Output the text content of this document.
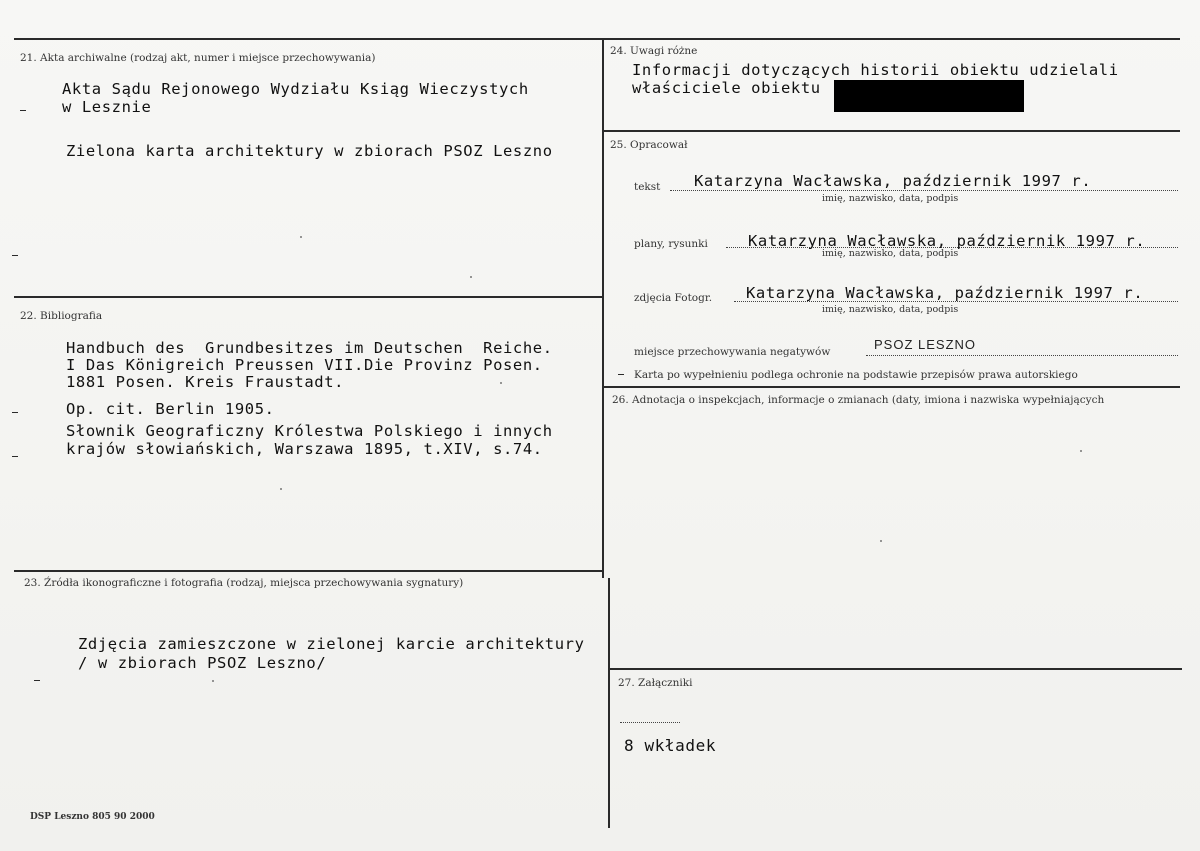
21. Akta archiwalne (rodzaj akt, numer i miejsce przechowywania)
Akta Sądu Rejonowego Wydziału Ksiąg Wieczystych
w Lesznie
Zielona karta architektury w zbiorach PSOZ Leszno
22. Bibliografia
Handbuch des  Grundbesitzes im Deutschen  Reiche.
I Das Königreich Preussen VII.Die Provinz Posen.
1881 Posen. Kreis Fraustadt.
Op. cit. Berlin 1905.
Słownik Geograficzny Królestwa Polskiego i innych
krajów słowiańskich, Warszawa 1895, t.XIV, s.74.
23. Źródła ikonograficzne i fotografia (rodzaj, miejsca przechowywania sygnatury)
Zdjęcia zamieszczone w zielonej karcie architektury
/ w zbiorach PSOZ Leszno/
24. Uwagi różne
Informacji dotyczących historii obiektu udzielali
właściciele obiektu
25. Opracował
tekst Katarzyna Wacławska, październik 1997 r.
imię, nazwisko, data, podpis
plany, rysunki	Katarzyna Wacławska, październik 1997 r.
imię, nazwisko, data, podpis
zdjęcia Fotogr. Katarzyna Wacławska, październik 1997 r.
imię, nazwisko, data, podpis
miejsce przechowywania negatywów	PSOZ LESZNO
Karta po wypełnieniu podlega ochronie na podstawie przepisów prawa autorskiego
26. Adnotacja o inspekcjach, informacje o zmianach (daty, imiona i nazwiska wypełniających
27. Załączniki
8 wkładek
DSP Leszno 805 90 2000
